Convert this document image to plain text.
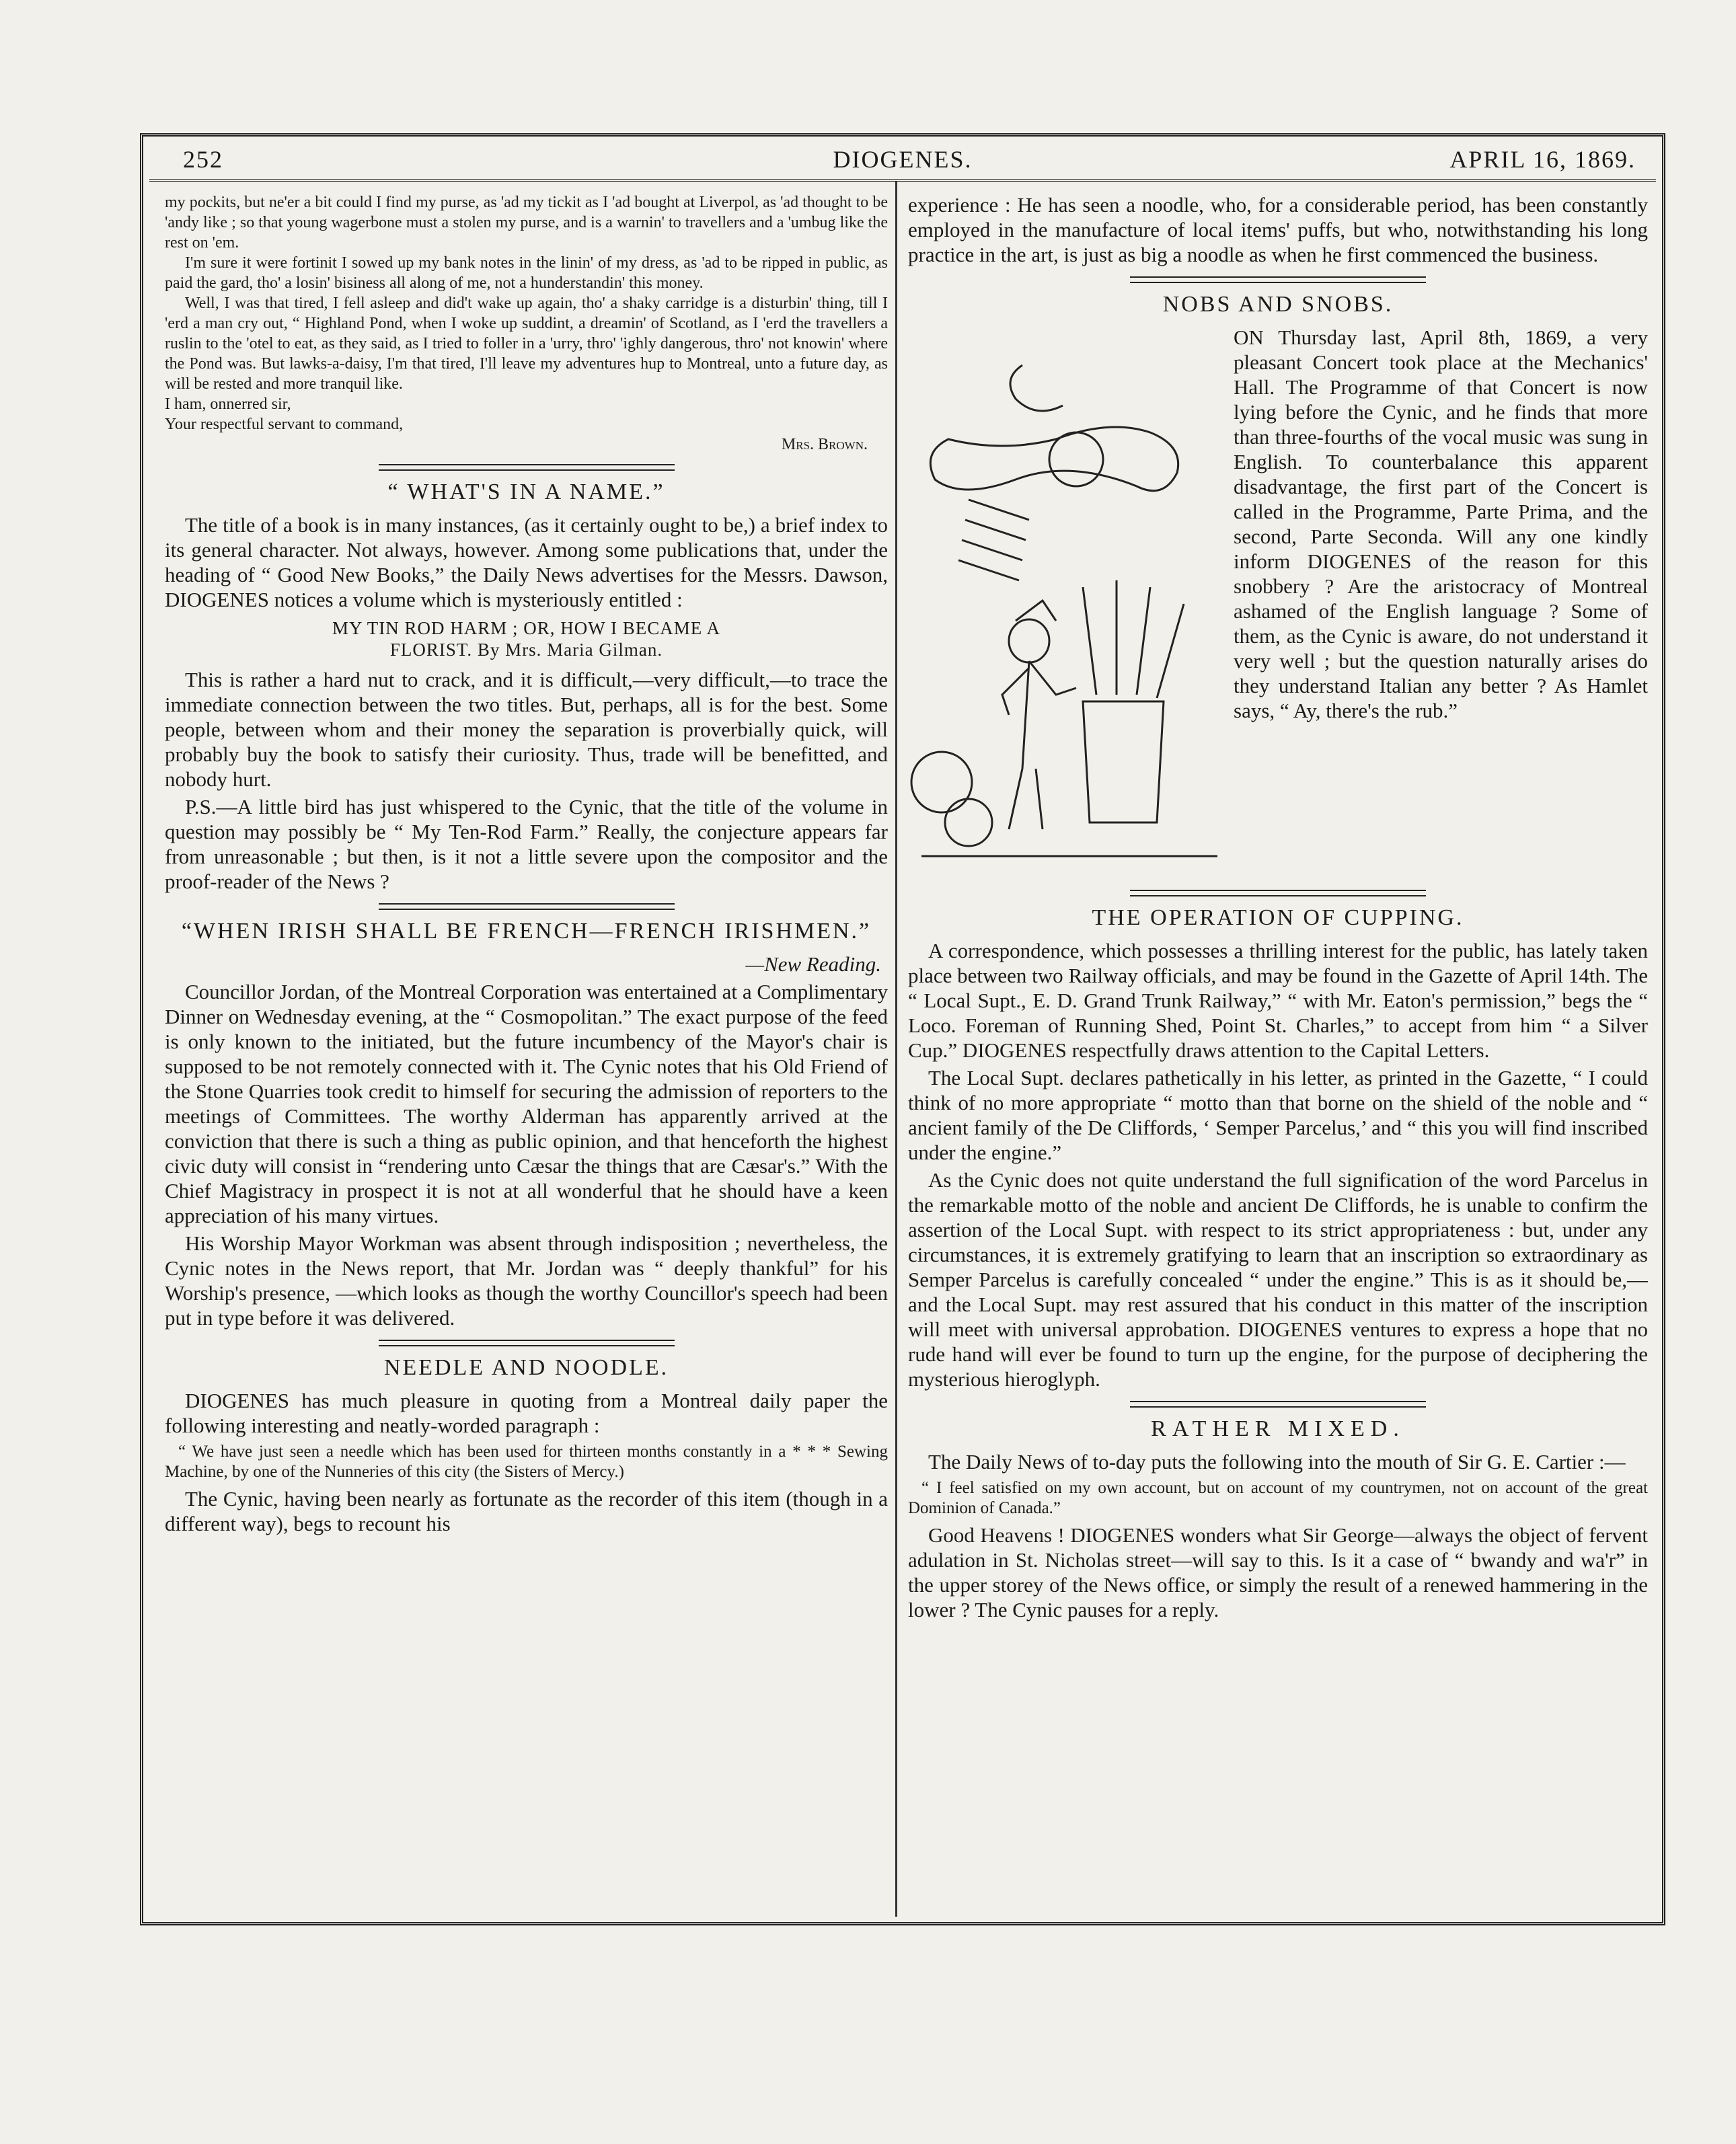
252	DIOGENES.	APRIL 16, 1869.

my pockits, but ne'er a bit could I find my purse, as 'ad my tickit as I 'ad bought at Liverpol, as 'ad thought to be 'andy like ; so that young wagerbone must a stolen my purse, and is a warnin' to travellers and a 'umbug like the rest on 'em.

I'm sure it were fortinit I sowed up my bank notes in the linin' of my dress, as 'ad to be ripped in public, as paid the gard, tho' a losin' bisiness all along of me, not a hunderstandin' this money.

Well, I was that tired, I fell asleep and did't wake up again, tho' a shaky carridge is a disturbin' thing, till I 'erd a man cry out, “ Highland Pond, when I woke up suddint, a dreamin' of Scotland, as I 'erd the travellers a ruslin to the 'otel to eat, as they said, as I tried to foller in a 'urry, thro' 'ighly dangerous, thro' not knowin' where the Pond was. But lawks-a-daisy, I'm that tired, I'll leave my adventures hup to Montreal, unto a future day, as will be rested and more tranquil like.

I ham, onnerred sir,

Your respectful servant to command,

Mrs. Brown.

“ WHAT'S IN A NAME.”

The title of a book is in many instances, (as it certainly ought to be,) a brief index to its general character. Not always, however. Among some publications that, under the heading of “ Good New Books,” the Daily News advertises for the Messrs. Dawson, DIOGENES notices a volume which is mysteriously entitled :

MY TIN ROD HARM ; OR, HOW I BECAME A
FLORIST. By Mrs. Maria Gilman.

This is rather a hard nut to crack, and it is difficult,—very difficult,—to trace the immediate connection between the two titles. But, perhaps, all is for the best. Some people, between whom and their money the separation is proverbially quick, will probably buy the book to satisfy their curiosity. Thus, trade will be benefitted, and nobody hurt.

P.S.—A little bird has just whispered to the Cynic, that the title of the volume in question may possibly be “ My Ten-Rod Farm.” Really, the conjecture appears far from unreasonable ; but then, is it not a little severe upon the compositor and the proof-reader of the News ?

“WHEN IRISH SHALL BE FRENCH—FRENCH IRISHMEN.”

—New Reading.

Councillor Jordan, of the Montreal Corporation was entertained at a Complimentary Dinner on Wednesday evening, at the “ Cosmopolitan.” The exact purpose of the feed is only known to the initiated, but the future incumbency of the Mayor's chair is supposed to be not remotely connected with it. The Cynic notes that his Old Friend of the Stone Quarries took credit to himself for securing the admission of reporters to the meetings of Committees. The worthy Alderman has apparently arrived at the conviction that there is such a thing as public opinion, and that henceforth the highest civic duty will consist in “rendering unto Cæsar the things that are Cæsar's.” With the Chief Magistracy in prospect it is not at all wonderful that he should have a keen appreciation of his many virtues.

His Worship Mayor Workman was absent through indisposition ; nevertheless, the Cynic notes in the News report, that Mr. Jordan was “ deeply thankful” for his Worship's presence, —which looks as though the worthy Councillor's speech had been put in type before it was delivered.

NEEDLE AND NOODLE.

DIOGENES has much pleasure in quoting from a Montreal daily paper the following interesting and neatly-worded paragraph :

“ We have just seen a needle which has been used for thirteen months constantly in a * * * Sewing Machine, by one of the Nunneries of this city (the Sisters of Mercy.)

The Cynic, having been nearly as fortunate as the recorder of this item (though in a different way), begs to recount his

experience : He has seen a noodle, who, for a considerable period, has been constantly employed in the manufacture of local items' puffs, but who, notwithstanding his long practice in the art, is just as big a noodle as when he first commenced the business.

NOBS AND SNOBS.

ON Thursday last, April 8th, 1869, a very pleasant Concert took place at the Mechanics' Hall. The Programme of that Concert is now lying before the Cynic, and he finds that more than three-fourths of the vocal music was sung in English. To counterbalance this apparent disadvantage, the first part of the Concert is called in the Programme, Parte Prima, and the second, Parte Seconda. Will any one kindly inform DIOGENES of the reason for this snobbery ? Are the aristocracy of Montreal ashamed of the English language ? Some of them, as the Cynic is aware, do not understand it very well ; but the question naturally arises do they understand Italian any better ? As Hamlet says, “ Ay, there's the rub.”

THE OPERATION OF CUPPING.

A correspondence, which possesses a thrilling interest for the public, has lately taken place between two Railway officials, and may be found in the Gazette of April 14th. The “ Local Supt., E. D. Grand Trunk Railway,” “ with Mr. Eaton's permission,” begs the “ Loco. Foreman of Running Shed, Point St. Charles,” to accept from him “ a Silver Cup.” DIOGENES respectfully draws attention to the Capital Letters.

The Local Supt. declares pathetically in his letter, as printed in the Gazette, “ I could think of no more appropriate “ motto than that borne on the shield of the noble and “ ancient family of the De Cliffords, ‘ Semper Parcelus,’ and “ this you will find inscribed under the engine.”

As the Cynic does not quite understand the full signification of the word Parcelus in the remarkable motto of the noble and ancient De Cliffords, he is unable to confirm the assertion of the Local Supt. with respect to its strict appropriateness : but, under any circumstances, it is extremely gratifying to learn that an inscription so extraordinary as Semper Parcelus is carefully concealed “ under the engine.” This is as it should be,—and the Local Supt. may rest assured that his conduct in this matter of the inscription will meet with universal approbation. DIOGENES ventures to express a hope that no rude hand will ever be found to turn up the engine, for the purpose of deciphering the mysterious hieroglyph.

RATHER MIXED.

The Daily News of to-day puts the following into the mouth of Sir G. E. Cartier :—

“ I feel satisfied on my own account, but on account of my countrymen, not on account of the great Dominion of Canada.”

Good Heavens ! DIOGENES wonders what Sir George—always the object of fervent adulation in St. Nicholas street—will say to this. Is it a case of “ bwandy and wa'r” in the upper storey of the News office, or simply the result of a renewed hammering in the lower ? The Cynic pauses for a reply.
